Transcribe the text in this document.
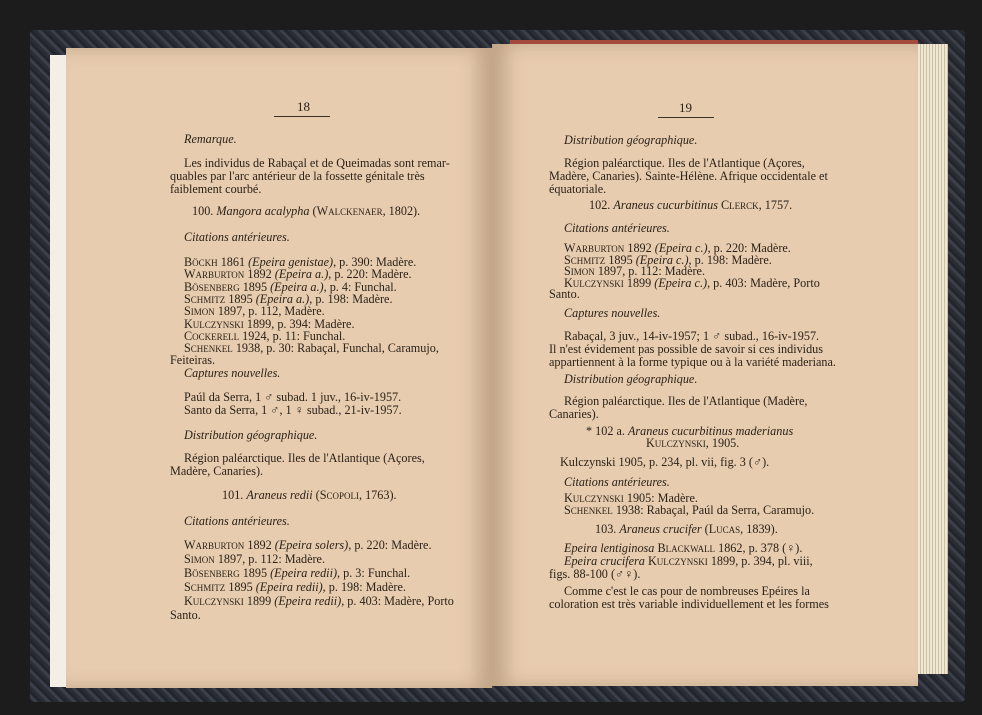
18
Remarque.
Les individus de Rabaçal et de Queimadas sont remar-
quables par l'arc antérieur de la fossette génitale très
faiblement courbé.
100. Mangora acalypha (Walckenaer, 1802).
Citations antérieures.
Böckh 1861 (Epeira genistae), p. 390: Madère.
Warburton 1892 (Epeira a.), p. 220: Madère.
Bösenberg 1895 (Epeira a.), p. 4: Funchal.
Schmitz 1895 (Epeira a.), p. 198: Madère.
Simon 1897, p. 112, Madère.
Kulczynski 1899, p. 394: Madère.
Cockerell 1924, p. 11: Funchal.
Schenkel 1938, p. 30: Rabaçal, Funchal, Caramujo,
Feiteiras.
Captures nouvelles.
Paúl da Serra, 1 ♂ subad. 1 juv., 16-iv-1957.
Santo da Serra, 1 ♂, 1 ♀ subad., 21-iv-1957.
Distribution géographique.
Région paléarctique. Iles de l'Atlantique (Açores,
Madère, Canaries).
101. Araneus redii (Scopoli, 1763).
Citations antérieures.
Warburton 1892 (Epeira solers), p. 220: Madère.
Simon 1897, p. 112: Madère.
Bösenberg 1895 (Epeira redii), p. 3: Funchal.
Schmitz 1895 (Epeira redii), p. 198: Madère.
Kulczynski 1899 (Epeira redii), p. 403: Madère, Porto
Santo.
19
Distribution géographique.
Région paléarctique. Iles de l'Atlantique (Açores,
Madère, Canaries). Sainte-Hélène. Afrique occidentale et
équatoriale.
102. Araneus cucurbitinus Clerck, 1757.
Citations antérieures.
Warburton 1892 (Epeira c.), p. 220: Madère.
Schmitz 1895 (Epeira c.), p. 198: Madère.
Simon 1897, p. 112: Madère.
Kulczynski 1899 (Epeira c.), p. 403: Madère, Porto
Santo.
Captures nouvelles.
Rabaçal, 3 juv., 14-iv-1957; 1 ♂ subad., 16-iv-1957.
Il n'est évidement pas possible de savoir si ces individus
appartiennent à la forme typique ou à la variété maderiana.
Distribution géographique.
Région paléarctique. Iles de l'Atlantique (Madère,
Canaries).
* 102 a. Araneus cucurbitinus maderianus
Kulczynski, 1905.
Kulczynski 1905, p. 234, pl. vii, fig. 3 (♂).
Citations antérieures.
Kulczynski 1905: Madère.
Schenkel 1938: Rabaçal, Paúl da Serra, Caramujo.
103. Araneus crucifer (Lucas, 1839).
Epeira lentiginosa Blackwall 1862, p. 378 (♀).
Epeira crucifera Kulczynski 1899, p. 394, pl. viii,
figs. 88-100 (♂♀).
Comme c'est le cas pour de nombreuses Epéires la
coloration est très variable individuellement et les formes
